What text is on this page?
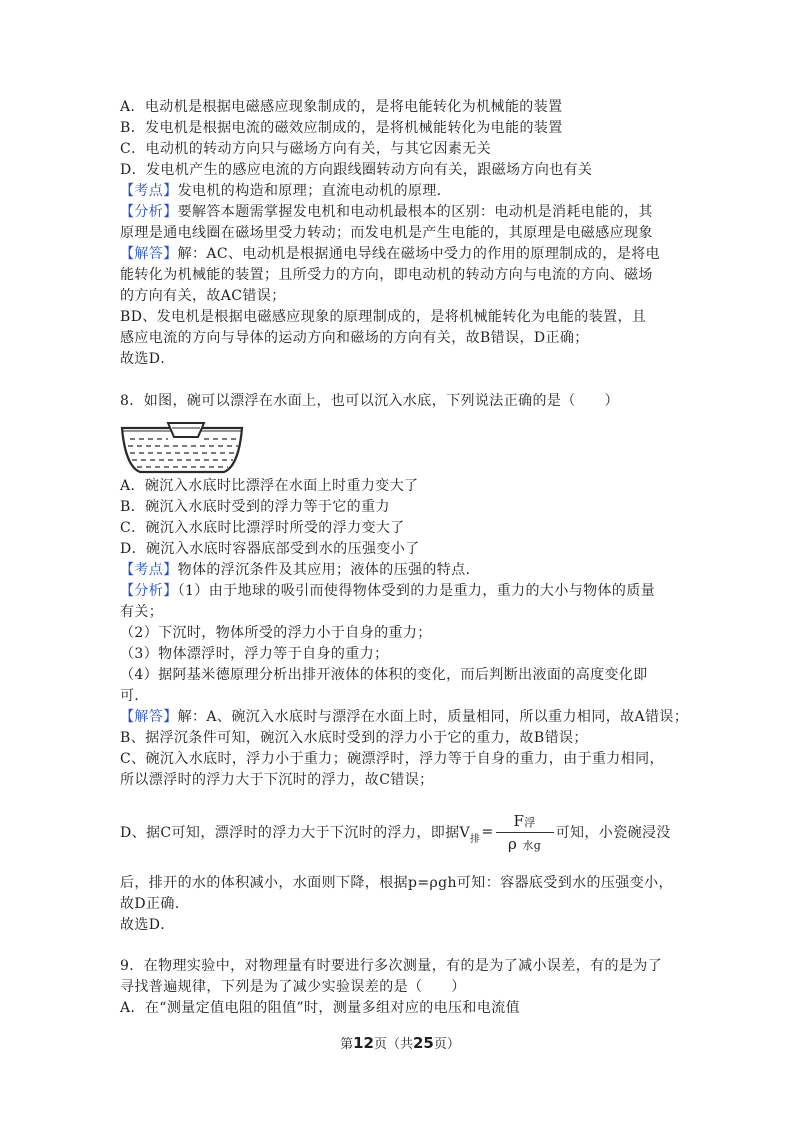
A．电动机是根据电磁感应现象制成的，是将电能转化为机械能的装置
B．发电机是根据电流的磁效应制成的，是将机械能转化为电能的装置
C．电动机的转动方向只与磁场方向有关，与其它因素无关
D．发电机产生的感应电流的方向跟线圈转动方向有关，跟磁场方向也有关
【考点】发电机的构造和原理；直流电动机的原理．
【分析】要解答本题需掌握发电机和电动机最根本的区别：电动机是消耗电能的，其
原理是通电线圈在磁场里受力转动；而发电机是产生电能的，其原理是电磁感应现象
【解答】解：AC、电动机是根据通电导线在磁场中受力的作用的原理制成的，是将电
能转化为机械能的装置；且所受力的方向，即电动机的转动方向与电流的方向、磁场
的方向有关，故AC错误；
BD、发电机是根据电磁感应现象的原理制成的，是将机械能转化为电能的装置，且
感应电流的方向与导体的运动方向和磁场的方向有关，故B错误，D正确；
故选D．
8．如图，碗可以漂浮在水面上，也可以沉入水底，下列说法正确的是（　　）
A．碗沉入水底时比漂浮在水面上时重力变大了
B．碗沉入水底时受到的浮力等于它的重力
C．碗沉入水底时比漂浮时所受的浮力变大了
D．碗沉入水底时容器底部受到水的压强变小了
【考点】物体的浮沉条件及其应用；液体的压强的特点．
【分析】（1）由于地球的吸引而使得物体受到的力是重力，重力的大小与物体的质量
有关；
（2）下沉时，物体所受的浮力小于自身的重力；
（3）物体漂浮时，浮力等于自身的重力；
（4）据阿基米德原理分析出排开液体的体积的变化，而后判断出液面的高度变化即
可．
【解答】解：A、碗沉入水底时与漂浮在水面上时，质量相同，所以重力相同，故A错误；
B、据浮沉条件可知，碗沉入水底时受到的浮力小于它的重力，故B错误；
C、碗沉入水底时，浮力小于重力；碗漂浮时，浮力等于自身的重力，由于重力相同，
所以漂浮时的浮力大于下沉时的浮力，故C错误；
D、据C可知，漂浮时的浮力大于下沉时的浮力，即据V 排 = $\frac{\text{F浮}}{\text{ρ 水g}}$ 可知，小瓷碗浸没
后，排开的水的体积减小，水面则下降，根据p=ρgh可知：容器底受到水的压强变小，
故D正确．
故选D．
9．在物理实验中，对物理量有时要进行多次测量，有的是为了减小误差，有的是为了
寻找普遍规律，下列是为了减少实验误差的是（　　）
A．在“测量定值电阻的阻值”时，测量多组对应的电压和电流值
第12页（共25页）
